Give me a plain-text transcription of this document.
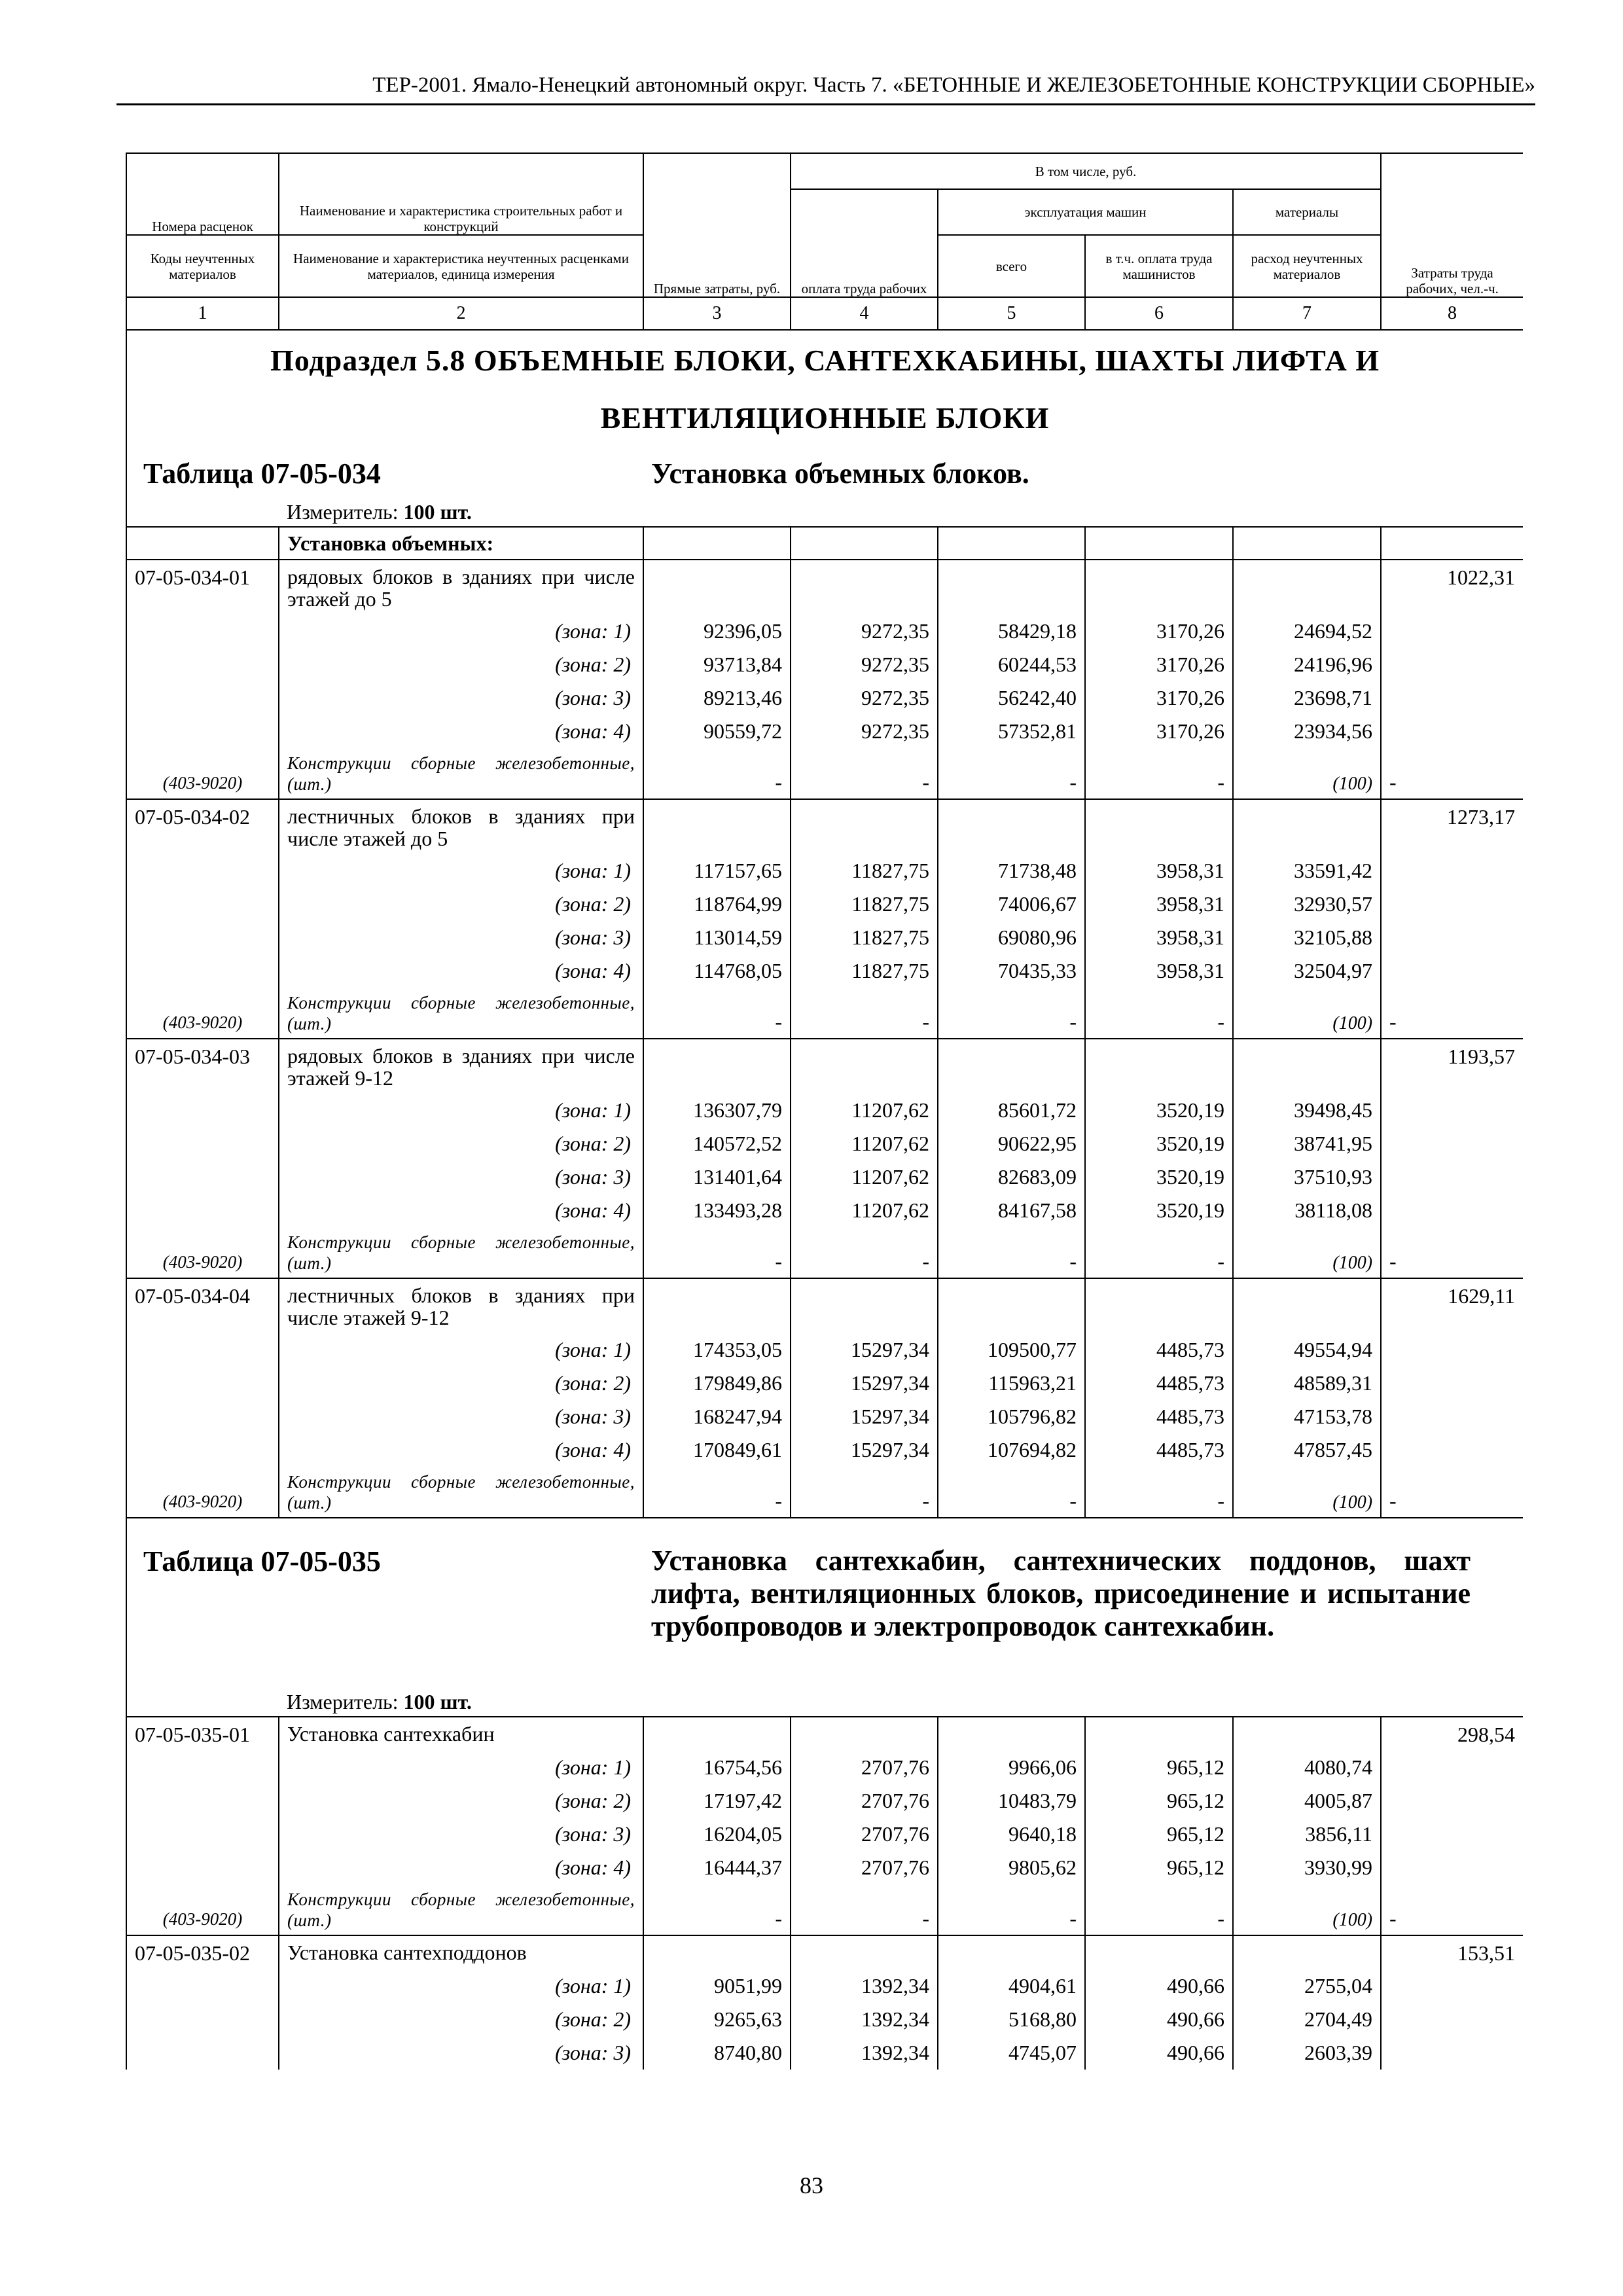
ТЕР-2001. Ямало-Ненецкий автономный округ. Часть 7. «БЕТОННЫЕ И ЖЕЛЕЗОБЕТОННЫЕ КОНСТРУКЦИИ СБОРНЫЕ»
Номера расценок	Наименование и характеристика строительных работ и конструкций	Прямые затраты, руб.	В том числе, руб.				Затраты труда рабочих, чел.-ч.
			оплата труда рабочих	эксплуатация машин		материалы	
Коды неучтенных материалов	Наименование и характеристика неучтенных расценками материалов, единица измерения			всего	в т.ч. оплата труда машинистов	расход неучтенных материалов	
1	2	3	4	5	6	7	8

Подраздел 5.8 ОБЪЕМНЫЕ БЛОКИ, САНТЕХКАБИНЫ, ШАХТЫ ЛИФТА И
ВЕНТИЛЯЦИОННЫЕ БЛОКИ							

Таблица 07-05-034		Установка объемных блоков.					
	Измеритель: 100 шт.						
	Установка объемных:						
07-05-034-01	рядовых блоков в зданиях при числе этажей до 5						1022,31
	(зона: 1)	92396,05	9272,35	58429,18	3170,26	24694,52	
	(зона: 2)	93713,84	9272,35	60244,53	3170,26	24196,96	
	(зона: 3)	89213,46	9272,35	56242,40	3170,26	23698,71	
	(зона: 4)	90559,72	9272,35	57352,81	3170,26	23934,56	
(403-9020)	Конструкции сборные железобетонные, (шт.)	-	-	-	-	(100)	-
07-05-034-02	лестничных блоков в зданиях при числе этажей до 5						1273,17
	(зона: 1)	117157,65	11827,75	71738,48	3958,31	33591,42	
	(зона: 2)	118764,99	11827,75	74006,67	3958,31	32930,57	
	(зона: 3)	113014,59	11827,75	69080,96	3958,31	32105,88	
	(зона: 4)	114768,05	11827,75	70435,33	3958,31	32504,97	
(403-9020)	Конструкции сборные железобетонные, (шт.)	-	-	-	-	(100)	-
07-05-034-03	рядовых блоков в зданиях при числе этажей 9-12						1193,57
	(зона: 1)	136307,79	11207,62	85601,72	3520,19	39498,45	
	(зона: 2)	140572,52	11207,62	90622,95	3520,19	38741,95	
	(зона: 3)	131401,64	11207,62	82683,09	3520,19	37510,93	
	(зона: 4)	133493,28	11207,62	84167,58	3520,19	38118,08	
(403-9020)	Конструкции сборные железобетонные, (шт.)	-	-	-	-	(100)	-
07-05-034-04	лестничных блоков в зданиях при числе этажей 9-12						1629,11
	(зона: 1)	174353,05	15297,34	109500,77	4485,73	49554,94	
	(зона: 2)	179849,86	15297,34	115963,21	4485,73	48589,31	
	(зона: 3)	168247,94	15297,34	105796,82	4485,73	47153,78	
	(зона: 4)	170849,61	15297,34	107694,82	4485,73	47857,45	
(403-9020)	Конструкции сборные железобетонные, (шт.)	-	-	-	-	(100)	-
Таблица 07-05-035		Установка сантехкабин, сантехнических поддонов, шахт лифта, вентиляционных блоков, присоединение и испытание трубопроводов и электропроводок сантехкабин.					
	Измеритель: 100 шт.						
07-05-035-01	Установка сантехкабин						298,54
	(зона: 1)	16754,56	2707,76	9966,06	965,12	4080,74	
	(зона: 2)	17197,42	2707,76	10483,79	965,12	4005,87	
	(зона: 3)	16204,05	2707,76	9640,18	965,12	3856,11	
	(зона: 4)	16444,37	2707,76	9805,62	965,12	3930,99	
(403-9020)	Конструкции сборные железобетонные, (шт.)	-	-	-	-	(100)	-
07-05-035-02	Установка сантехподдонов						153,51
	(зона: 1)	9051,99	1392,34	4904,61	490,66	2755,04	
	(зона: 2)	9265,63	1392,34	5168,80	490,66	2704,49	
	(зона: 3)	8740,80	1392,34	4745,07	490,66	2603,39	
83
